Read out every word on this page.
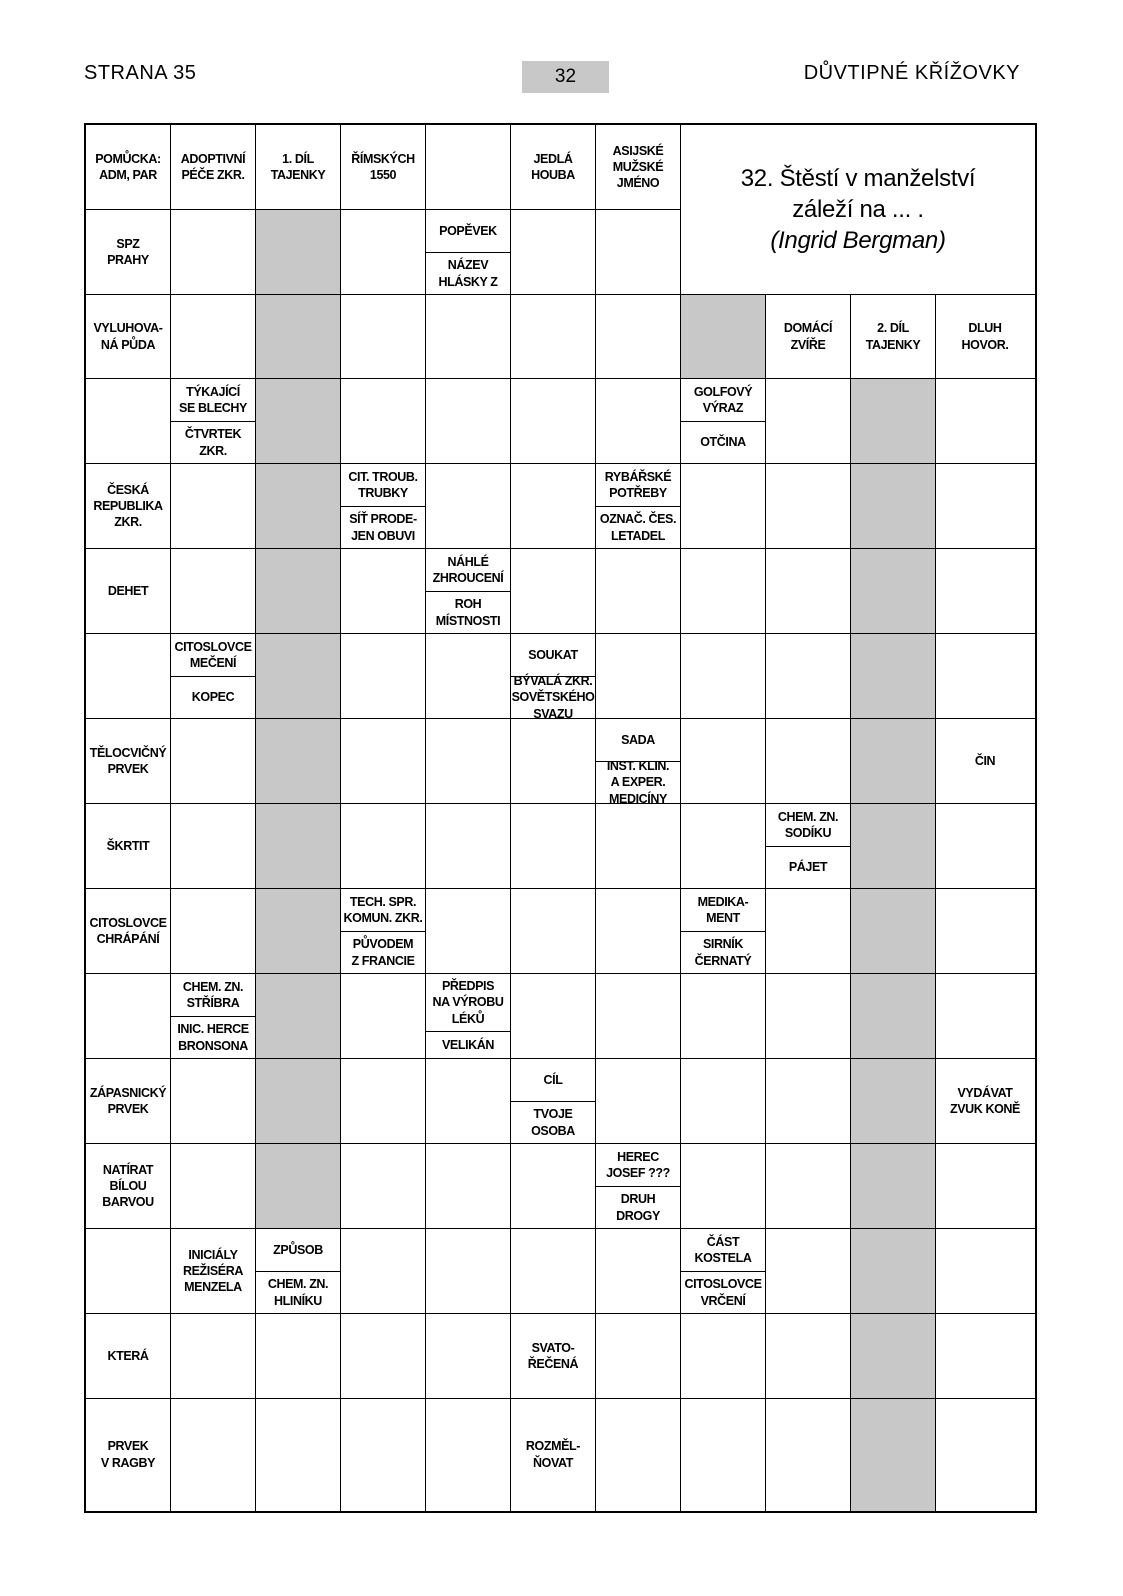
STRANA 35	32	DŮVTIPNÉ KŘÍŽOVKY
32. Štěstí v manželství
záleží na ... .
(Ingrid Bergman)
POMŮCKA:
ADM, PAR
ADOPTIVNÍ
PÉČE ZKR.
1. DÍL
TAJENKY
ŘÍMSKÝCH
1550
JEDLÁ
HOUBA
ASIJSKÉ
MUŽSKÉ
JMÉNO
SPZ
PRAHY
POPĚVEK
NÁZEV
HLÁSKY Z
VYLUHOVA-
NÁ PŮDA
DOMÁCÍ
ZVÍŘE
2. DÍL
TAJENKY
DLUH
HOVOR.
TÝKAJÍCÍ
SE BLECHY
ČTVRTEK
ZKR.
GOLFOVÝ
VÝRAZ
OTČINA
ČESKÁ
REPUBLIKA
ZKR.
CIT. TROUB.
TRUBKY
SÍŤ PRODE-
JEN OBUVI
RYBÁŘSKÉ
POTŘEBY
OZNAČ. ČES.
LETADEL
DEHET
NÁHLÉ
ZHROUCENÍ
ROH
MÍSTNOSTI
CITOSLOVCE
MEČENÍ
KOPEC
SOUKAT
BÝVALÁ ZKR.
SOVĚTSKÉHO
SVAZU
TĚLOCVIČNÝ
PRVEK
SADA
INST. KLIN.
A EXPER.
MEDICÍNY
ČIN
ŠKRTIT
CHEM. ZN.
SODÍKU
PÁJET
CITOSLOVCE
CHRÁPÁNÍ
TECH. SPR.
KOMUN. ZKR.
PŮVODEM
Z FRANCIE
MEDIKA-
MENT
SIRNÍK
ČERNATÝ
CHEM. ZN.
STŘÍBRA
INIC. HERCE
BRONSONA
PŘEDPIS
NA VÝROBU
LÉKŮ
VELIKÁN
ZÁPASNICKÝ
PRVEK
CÍL
TVOJE
OSOBA
VYDÁVAT
ZVUK KONĚ
NATÍRAT
BÍLOU
BARVOU
HEREC
JOSEF ???
DRUH
DROGY
INICIÁLY
REŽISÉRA
MENZELA
ZPŮSOB
CHEM. ZN.
HLINÍKU
ČÁST
KOSTELA
CITOSLOVCE
VRČENÍ
KTERÁ
SVATO-
ŘEČENÁ
PRVEK
V RAGBY
ROZMĚL-
ŇOVAT
